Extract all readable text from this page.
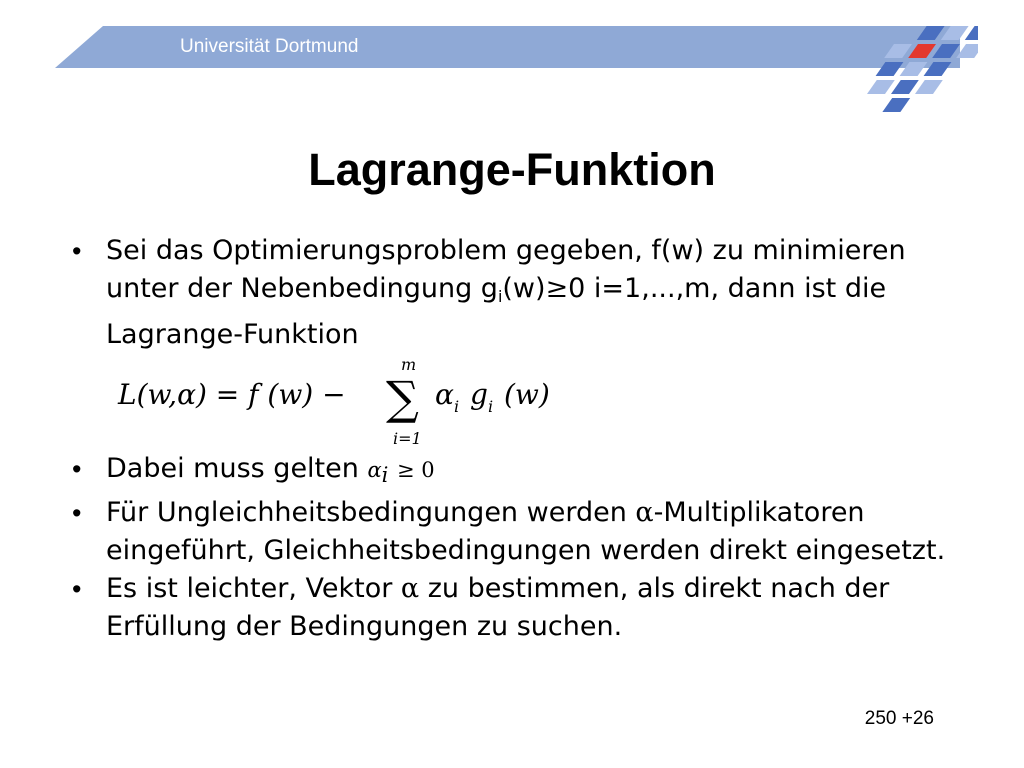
Universität Dortmund
Lagrange-Funktion
• Sei das Optimierungsproblem gegeben, f(w) zu minimieren unter der Nebenbedingung $g_i(w)\ge 0$ i=1,...,m, dann ist die Lagrange-Funktion
L(w,α) = f (w) −
m
∑
i=1
α i g i (w)
• Dabei muss gelten $\alpha_i \ge 0$
• Für Ungleichheitsbedingungen werden α-Multiplikatoren eingeführt, Gleichheitsbedingungen werden direkt eingesetzt.
• Es ist leichter, Vektor α zu bestimmen, als direkt nach der Erfüllung der Bedingungen zu suchen.
250 +26
